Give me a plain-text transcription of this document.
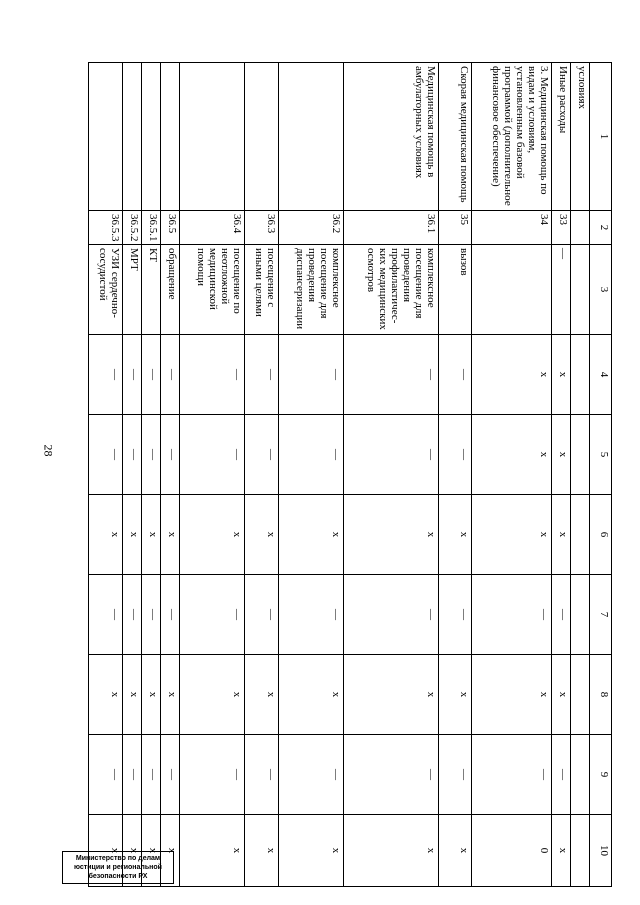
28
1	2	3	4	5	6	7	8	9	10
условиях									
Иные расходы	33	—	х	х	х	—	х	—	х
3. Медицинская помощь по видам и условиям, установленным базовой программой (дополнительное финансовое обеспечение)	34		х	х	х	—	х	—	0
Скорая медицинская помощь	35	вызов	—	—	х	—	х	—	х
Медицинская помощь в амбулаторных условиях	36.1	комплексное посещение для проведения профилактичес-ких медицинских осмотров	—	—	х	—	х	—	х
	36.2	комплексное посещение для проведения диспансеризации	—	—	х	—	х	—	х
	36.3	посещение с иными целями	—	—	х	—	х	—	х
	36.4	посещение по неотложной медицинской помощи	—	—	х	—	х	—	х
	36.5	обращение	—	—	х	—	х	—	х
	36.5.1	КТ	—	—	х	—	х	—	х
	36.5.2	МРТ	—	—	х	—	х	—	х
	36.5.3	УЗИ сердечно-сосудистой	—	—	х	—	х	—	х
Министерство по делам
юстиции и региональной
безопасности РХ
